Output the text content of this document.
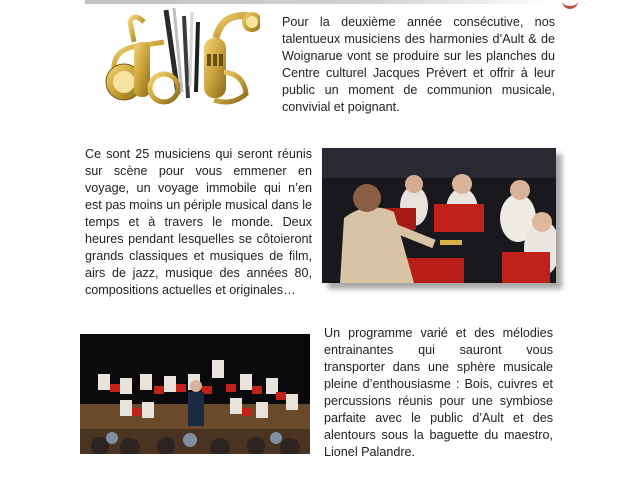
Pour la deuxième année consécutive, nos talentueux musiciens des harmonies d’Ault & de Woignarue vont se produire sur les planches du Centre culturel Jacques Prévert et offrir à leur public un moment de communion musicale, convivial et poignant.

Ce sont 25 musiciens qui seront réunis sur scène pour vous emmener en voyage, un voyage immobile qui n’en est pas moins un périple musical dans le temps et à travers le monde. Deux heures pendant lesquelles se côtoieront grands classiques et musiques de film, airs de jazz, musique des années 80, compositions actuelles et originales…

Un programme varié et des mélodies entrainantes qui sauront vous transporter dans une sphère musicale pleine d’enthousiasme : Bois, cuivres et percussions réunis pour une symbiose parfaite avec le public d’Ault et des alentours sous la baguette du maestro, Lionel Palandre.
